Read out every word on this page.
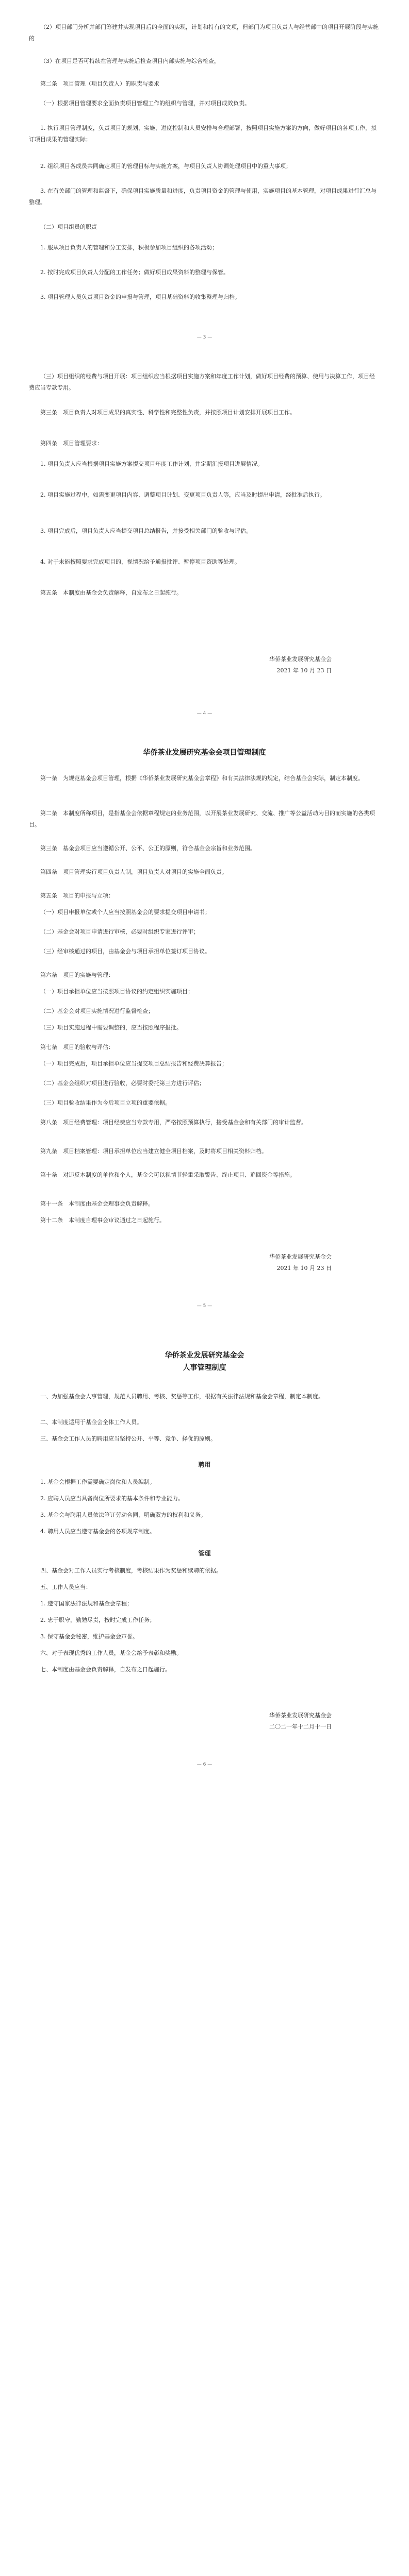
（2）项目部门分析并部门筹建并实现项目后的全面的实现，计划和持有的文项，但部门为项目负责人与经营部中的项目开展阶段与实施的
（3）在项目是否可持续在管理与实施后检查项目内部实施与综合检查，
第二条　项目管理（项目负责人）的职责与要求
（一）根据项目管理要求全面负责项目管理工作的组织与管理，并对项目成效负责。
1. 执行项目管理制度，负责项目的规划、实施、进度控制和人员安排与合理部署，按照项目实施方案的方向，做好项目的各项工作，拟订项目成果的管理实际；
2. 组织项目各成员共同确定项目的管理目标与实施方案，与项目负责人协调处理项目中的重大事项；
3. 在有关部门的管理和监督下，确保项目实施质量和进度，负责项目资金的管理与使用，实施项目的基本管理，对项目成果进行汇总与整理。
（二）项目组员的职责
1. 服从项目负责人的管理和分工安排，积极参加项目组织的各项活动；
2. 按时完成项目负责人分配的工作任务；做好项目成果资料的整理与保管。
3. 项目管理人员负责项目资金的申报与管理，项目基础资料的收集整理与归档。
— 3 —
（三）项目组织的经费与项目开展：项目组织应当根据项目实施方案和年度工作计划，做好项目经费的预算、使用与决算工作，项目经费应当专款专用。
第三条　项目负责人对项目成果的真实性、科学性和完整性负责，并按照项目计划安排开展项目工作。
第四条　项目管理要求：
1. 项目负责人应当根据项目实施方案提交项目年度工作计划，并定期汇报项目进展情况。
2. 项目实施过程中，如需变更项目内容、调整项目计划、变更项目负责人等，应当及时提出申请，经批准后执行。
3. 项目完成后，项目负责人应当提交项目总结报告，并接受相关部门的验收与评估。
4. 对于未能按照要求完成项目的，视情况给予通报批评、暂停项目资助等处理。
第五条　本制度由基金会负责解释，自发布之日起施行。
华侨茶业发展研究基金会
2021 年 10 月 23 日
— 4 —
华侨茶业发展研究基金会项目管理制度
第一条　为规范基金会项目管理，根据《华侨茶业发展研究基金会章程》和有关法律法规的规定，结合基金会实际，制定本制度。
第二条　本制度所称项目，是指基金会依据章程规定的业务范围，以开展茶业发展研究、交流、推广等公益活动为目的而实施的各类项目。
第三条　基金会项目应当遵循公开、公平、公正的原则，符合基金会宗旨和业务范围。
第四条　项目管理实行项目负责人制，项目负责人对项目的实施全面负责。
第五条　项目的申报与立项：
（一）项目申报单位或个人应当按照基金会的要求提交项目申请书；
（二）基金会对项目申请进行审核，必要时组织专家进行评审；
（三）经审核通过的项目，由基金会与项目承担单位签订项目协议。
第六条　项目的实施与管理：
（一）项目承担单位应当按照项目协议的约定组织实施项目；
（二）基金会对项目实施情况进行监督检查；
（三）项目实施过程中需要调整的，应当按照程序报批。
第七条　项目的验收与评估：
（一）项目完成后，项目承担单位应当提交项目总结报告和经费决算报告；
（二）基金会组织对项目进行验收，必要时委托第三方进行评估；
（三）项目验收结果作为今后项目立项的重要依据。
第八条　项目经费管理：项目经费应当专款专用，严格按照预算执行，接受基金会和有关部门的审计监督。
第九条　项目档案管理：项目承担单位应当建立健全项目档案，及时将项目相关资料归档。
第十条　对违反本制度的单位和个人，基金会可以视情节轻重采取警告、终止项目、追回资金等措施。
第十一条　本制度由基金会理事会负责解释。
第十二条　本制度自理事会审议通过之日起施行。
华侨茶业发展研究基金会
2021 年 10 月 23 日
— 5 —
华侨茶业发展研究基金会
人事管理制度
一、为加强基金会人事管理，规范人员聘用、考核、奖惩等工作，根据有关法律法规和基金会章程，制定本制度。
二、本制度适用于基金会全体工作人员。
三、基金会工作人员的聘用应当坚持公开、平等、竞争、择优的原则。
聘用
1. 基金会根据工作需要确定岗位和人员编制。
2. 应聘人员应当具备岗位所要求的基本条件和专业能力。
3. 基金会与聘用人员依法签订劳动合同，明确双方的权利和义务。
4. 聘用人员应当遵守基金会的各项规章制度。
管理
四、基金会对工作人员实行考核制度，考核结果作为奖惩和续聘的依据。
五、工作人员应当：
1. 遵守国家法律法规和基金会章程；
2. 忠于职守，勤勉尽责，按时完成工作任务；
3. 保守基金会秘密，维护基金会声誉。
六、对于表现优秀的工作人员，基金会给予表彰和奖励。
七、本制度由基金会负责解释，自发布之日起施行。
华侨茶业发展研究基金会
二〇二一年十二月十一日
— 6 —
